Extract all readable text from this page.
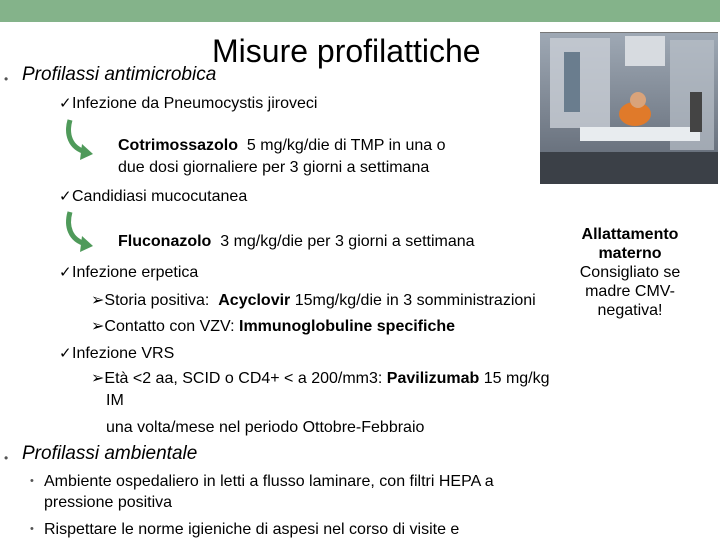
Misure profilattiche
• Profilassi antimicrobica
✓ Infezione da Pneumocystis jiroveci
Cotrimossazolo  5 mg/kg/die di TMP in una o
due dosi giornaliere per 3 giorni a settimana
✓ Candidiasi mucocutanea
Fluconazolo  3 mg/kg/die per 3 giorni a settimana
✓ Infezione erpetica
➢Storia positiva:  Acyclovir 15mg/kg/die in 3 somministrazioni
➢Contatto con VZV: Immunoglobuline specifiche
✓ Infezione VRS
➢Età <2 aa, SCID o CD4+ < a 200/mm3: Pavilizumab 15 mg/kg
IM
una volta/mese nel periodo Ottobre-Febbraio
• Profilassi ambientale
• Ambiente ospedaliero in letti a flusso laminare, con filtri HEPA a
pressione positiva
• Rispettare le norme igieniche di aspesi nel corso di visite e
Allattamento
materno
Consigliato se
madre CMV-
negativa!
